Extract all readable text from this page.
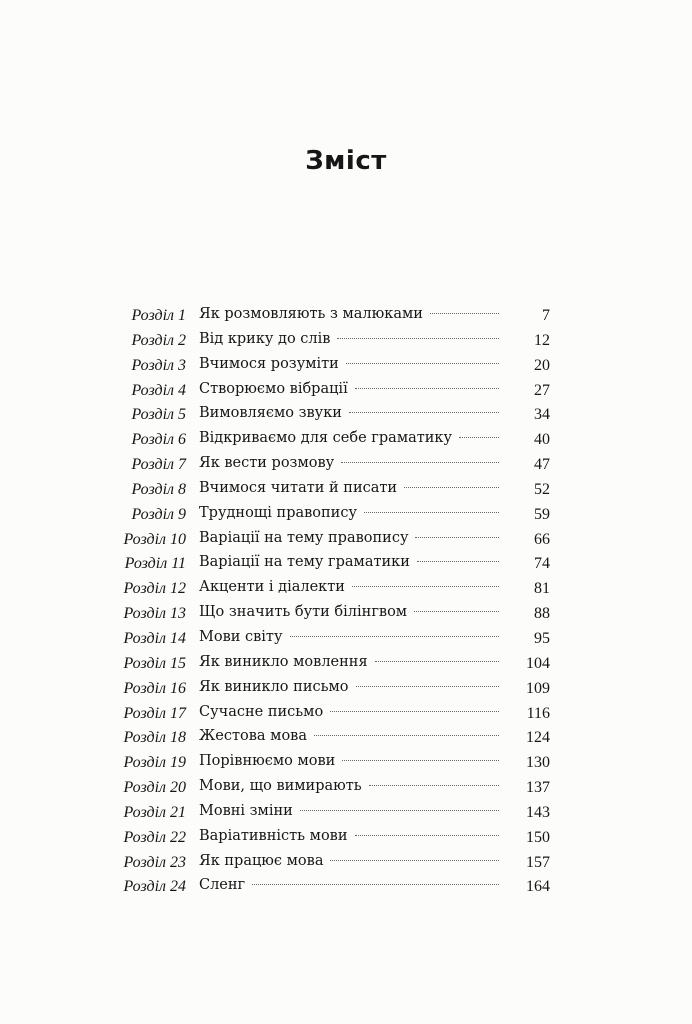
Зміст
Розділ 1 Як розмовляють з малюками	7
Розділ 2 Від крику до слів	12
Розділ 3 Вчимося розуміти	20
Розділ 4 Створюємо вібрації	27
Розділ 5 Вимовляємо звуки	34
Розділ 6 Відкриваємо для себе граматику	40
Розділ 7 Як вести розмову	47
Розділ 8 Вчимося читати й писати	52
Розділ 9 Труднощі правопису	59
Розділ 10 Варіації на тему правопису	66
Розділ 11 Варіації на тему граматики	74
Розділ 12 Акценти і діалекти	81
Розділ 13 Що значить бути білінгвом	88
Розділ 14 Мови світу	95
Розділ 15 Як виникло мовлення	104
Розділ 16 Як виникло письмо	109
Розділ 17 Сучасне письмо	116
Розділ 18 Жестова мова	124
Розділ 19 Порівнюємо мови	130
Розділ 20 Мови, що вимирають	137
Розділ 21 Мовні зміни	143
Розділ 22 Варіативність мови	150
Розділ 23 Як працює мова	157
Розділ 24 Сленг	164
